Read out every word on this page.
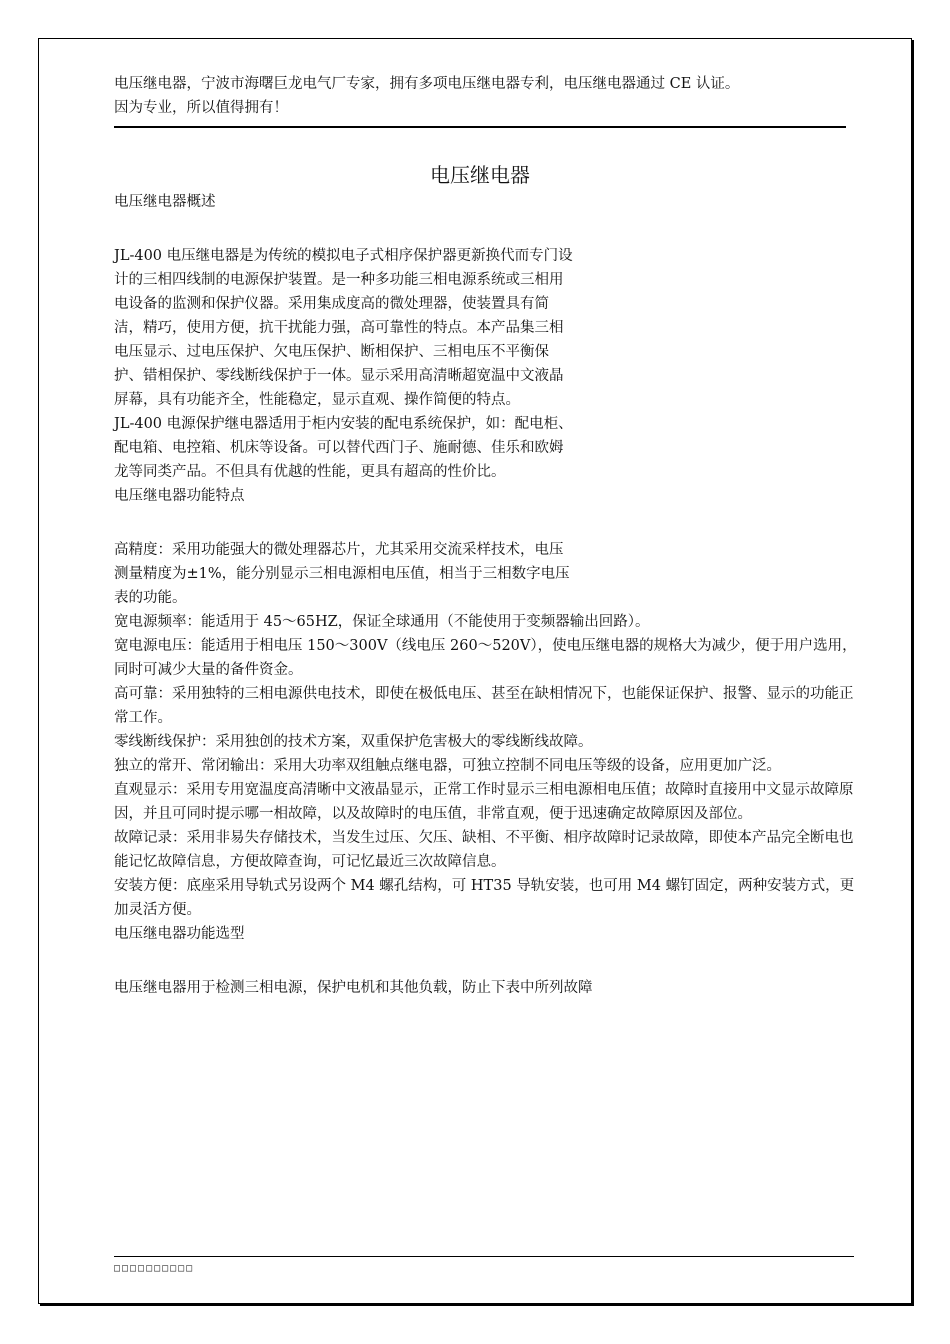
电压继电器，宁波市海曙巨龙电气厂专家，拥有多项电压继电器专利，电压继电器通过 CE 认证。

因为专业，所以值得拥有！

电压继电器

电压继电器概述

JL-400 电压继电器是为传统的模拟电子式相序保护器更新换代而专门设计的三相四线制的电源保护装置。是一种多功能三相电源系统或三相用电设备的监测和保护仪器。采用集成度高的微处理器，使装置具有简洁，精巧，使用方便，抗干扰能力强，高可靠性的特点。本产品集三相电压显示、过电压保护、欠电压保护、断相保护、三相电压不平衡保护、错相保护、零线断线保护于一体。显示采用高清晰超宽温中文液晶屏幕，具有功能齐全，性能稳定，显示直观、操作简便的特点。

JL-400 电源保护继电器适用于柜内安装的配电系统保护，如：配电柜、配电箱、电控箱、机床等设备。可以替代西门子、施耐德、佳乐和欧姆龙等同类产品。不但具有优越的性能，更具有超高的性价比。

电压继电器功能特点

高精度：采用功能强大的微处理器芯片，尤其采用交流采样技术，电压测量精度为±1%，能分别显示三相电源相电压值，相当于三相数字电压表的功能。

宽电源频率：能适用于 45～65HZ，保证全球通用（不能使用于变频器输出回路）。

宽电源电压：能适用于相电压 150～300V（线电压 260～520V），使电压继电器的规格大为减少，便于用户选用，同时可减少大量的备件资金。

高可靠：采用独特的三相电源供电技术，即使在极低电压、甚至在缺相情况下，也能保证保护、报警、显示的功能正常工作。

零线断线保护：采用独创的技术方案，双重保护危害极大的零线断线故障。

独立的常开、常闭输出：采用大功率双组触点继电器，可独立控制不同电压等级的设备，应用更加广泛。

直观显示：采用专用宽温度高清晰中文液晶显示，正常工作时显示三相电源相电压值；故障时直接用中文显示故障原因，并且可同时提示哪一相故障，以及故障时的电压值，非常直观，便于迅速确定故障原因及部位。

故障记录：采用非易失存储技术，当发生过压、欠压、缺相、不平衡、相序故障时记录故障，即使本产品完全断电也能记忆故障信息，方便故障查询，可记忆最近三次故障信息。

安装方便：底座采用导轨式另设两个 M4 螺孔结构，可 HT35 导轨安装，也可用 M4 螺钉固定，两种安装方式，更加灵活方便。

电压继电器功能选型

电压继电器用于检测三相电源，保护电机和其他负载，防止下表中所列故障

□□□□□□□□□□
